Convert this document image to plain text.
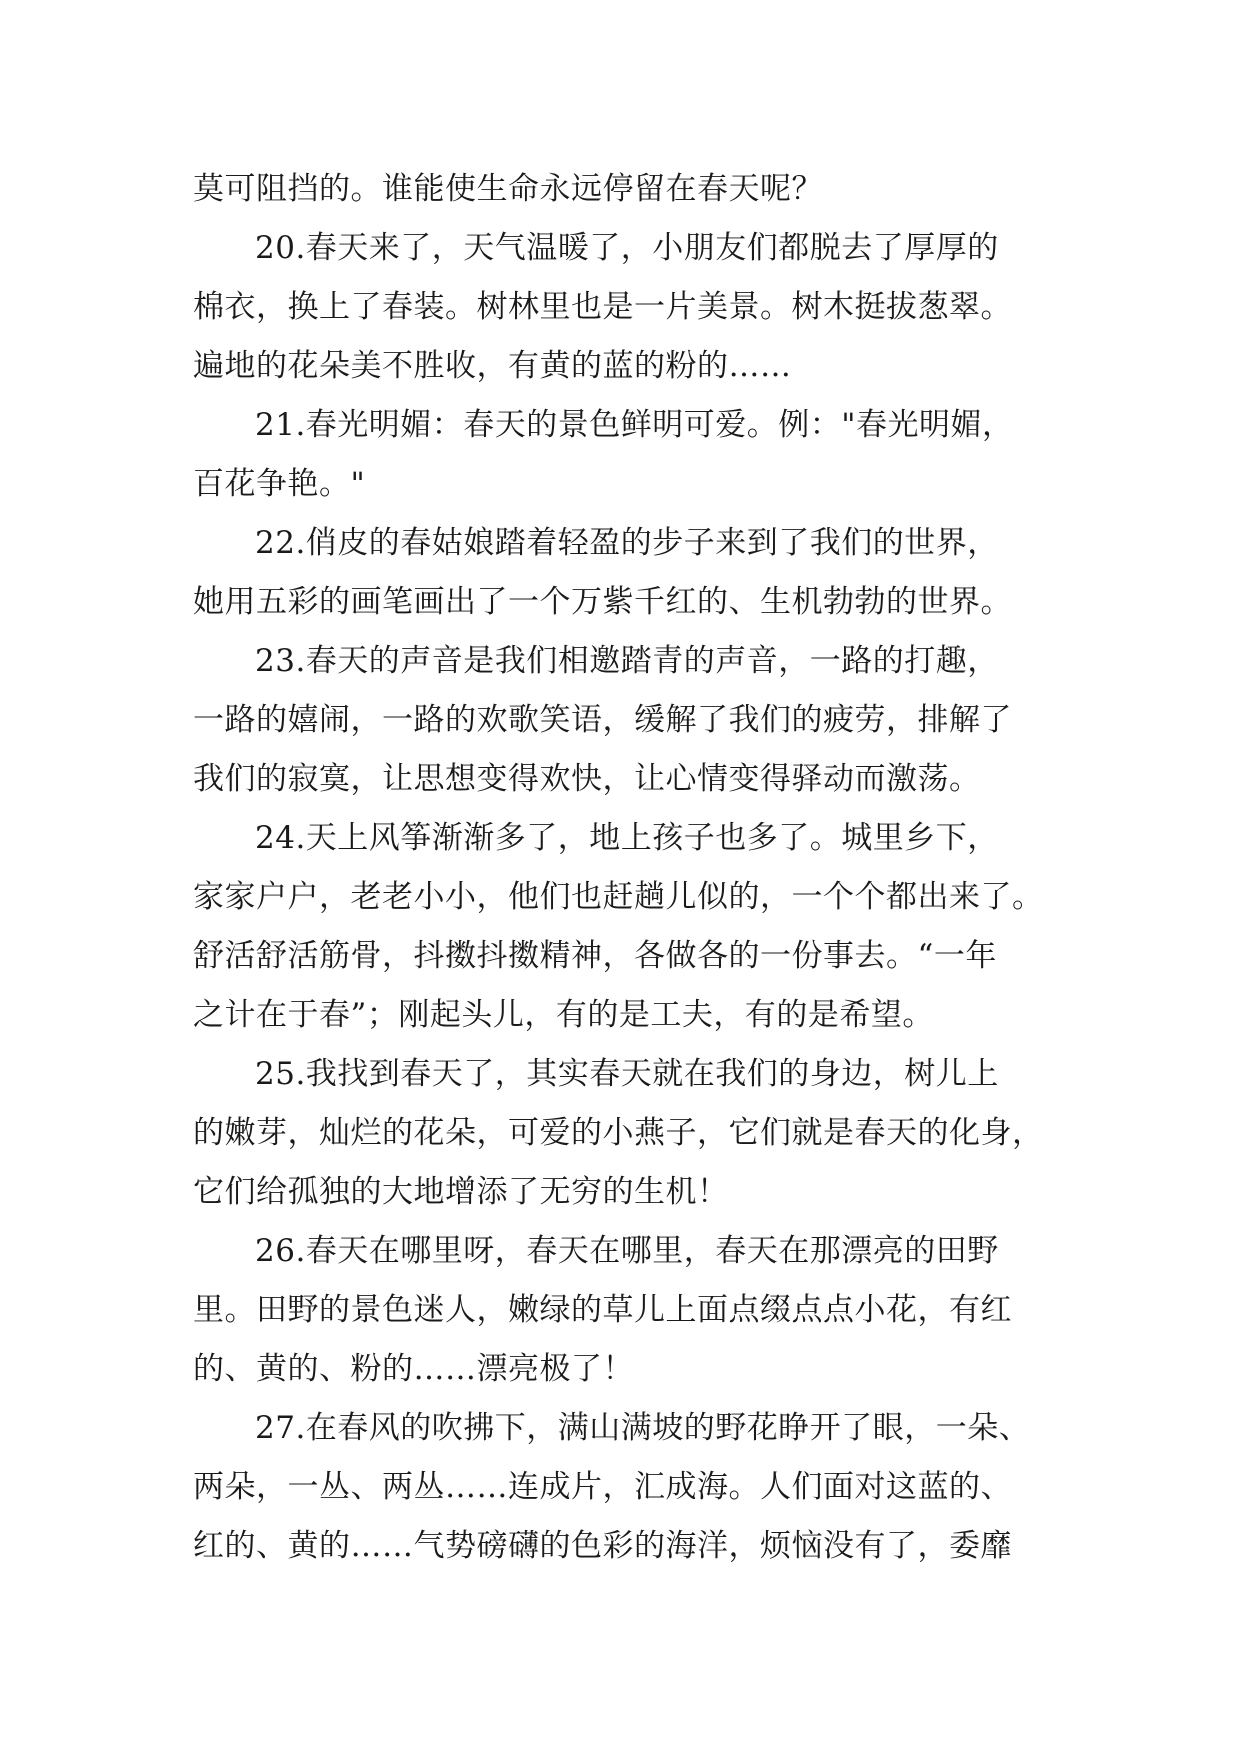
莫可阻挡的。谁能使生命永远停留在春天呢？

20.春天来了，天气温暖了，小朋友们都脱去了厚厚的
棉衣，换上了春装。树林里也是一片美景。树木挺拔葱翠。
遍地的花朵美不胜收，有黄的蓝的粉的……

21.春光明媚：春天的景色鲜明可爱。例："春光明媚，
百花争艳。"

22.俏皮的春姑娘踏着轻盈的步子来到了我们的世界，
她用五彩的画笔画出了一个万紫千红的、生机勃勃的世界。

23.春天的声音是我们相邀踏青的声音，一路的打趣，
一路的嬉闹，一路的欢歌笑语，缓解了我们的疲劳，排解了
我们的寂寞，让思想变得欢快，让心情变得驿动而激荡。

24.天上风筝渐渐多了，地上孩子也多了。城里乡下，
家家户户，老老小小，他们也赶趟儿似的，一个个都出来了。
舒活舒活筋骨，抖擞抖擞精神，各做各的一份事去。“一年
之计在于春”；刚起头儿，有的是工夫，有的是希望。

25.我找到春天了，其实春天就在我们的身边，树儿上
的嫩芽，灿烂的花朵，可爱的小燕子，它们就是春天的化身，
它们给孤独的大地增添了无穷的生机！

26.春天在哪里呀，春天在哪里，春天在那漂亮的田野
里。田野的景色迷人，嫩绿的草儿上面点缀点点小花，有红
的、黄的、粉的……漂亮极了！

27.在春风的吹拂下，满山满坡的野花睁开了眼，一朵、
两朵，一丛、两丛……连成片，汇成海。人们面对这蓝的、
红的、黄的……气势磅礴的色彩的海洋，烦恼没有了，委靡
